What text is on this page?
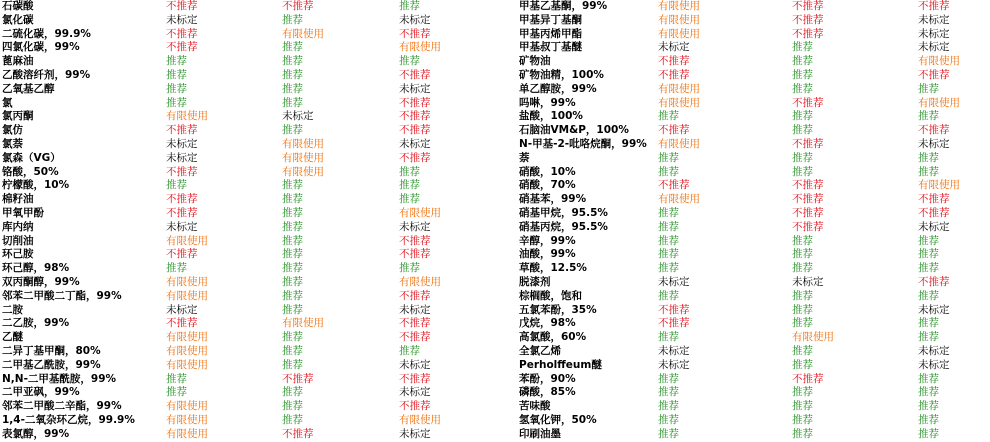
石碳酸
氯化碳
二硫化碳，99.9%
四氯化碳，99%
蓖麻油
乙酸溶纤剂，99%
乙氧基乙醇
氯
氯丙酮
氯仿
氯萘
氯森（VG）
铬酸，50%
柠檬酸，10%
棉籽油
甲氧甲酚
库内纳
切削油
环己胺
环己醇，98%
双丙酮醇，99%
邻苯二甲酸二丁酯，99%
二胺
二乙胺，99%
乙醚
二异丁基甲酮，80%
二甲基乙酰胺，99%
N,N-二甲基酰胺，99%
二甲亚砜，99%
邻苯二甲酸二辛酯，99%
1,4-二氧杂环乙烷，99.9%
表氯醇，99%
不推荐
未标定
不推荐
不推荐
推荐
推荐
推荐
推荐
有限使用
不推荐
未标定
未标定
不推荐
推荐
不推荐
不推荐
未标定
有限使用
不推荐
推荐
有限使用
有限使用
未标定
不推荐
有限使用
有限使用
有限使用
推荐
推荐
有限使用
有限使用
有限使用
不推荐
推荐
有限使用
推荐
推荐
推荐
推荐
推荐
未标定
推荐
有限使用
有限使用
有限使用
推荐
推荐
推荐
推荐
推荐
推荐
推荐
推荐
推荐
推荐
有限使用
推荐
推荐
推荐
不推荐
推荐
推荐
推荐
不推荐
推荐
未标定
不推荐
有限使用
推荐
不推荐
未标定
不推荐
不推荐
不推荐
未标定
不推荐
推荐
推荐
推荐
有限使用
未标定
不推荐
不推荐
推荐
有限使用
不推荐
未标定
不推荐
不推荐
推荐
未标定
不推荐
未标定
不推荐
有限使用
未标定
甲基乙基酮，99%
甲基异丁基酮
甲基丙烯甲酯
甲基叔丁基醚
矿物油
矿物油精，100%
单乙醇胺，99%
吗啉，99%
盐酸，100%
石脑油VM&P，100%
N-甲基-2-吡咯烷酮，99%
萘
硝酸，10%
硝酸，70%
硝基苯，99%
硝基甲烷，95.5%
硝基丙烷，95.5%
辛醇，99%
油酸，99%
草酸，12.5%
脱漆剂
棕榈酸，饱和
五氯苯酚，35%
戊烷，98%
高氯酸，60%
全氯乙烯
Perholffeum醚
苯酚，90%
磷酸，85%
苦味酸
氢氧化钾，50%
印刷油墨
有限使用
有限使用
有限使用
未标定
不推荐
不推荐
有限使用
有限使用
推荐
不推荐
有限使用
推荐
推荐
不推荐
有限使用
推荐
推荐
推荐
推荐
推荐
未标定
推荐
不推荐
不推荐
推荐
未标定
未标定
推荐
推荐
推荐
推荐
推荐
不推荐
不推荐
不推荐
推荐
推荐
推荐
推荐
不推荐
推荐
推荐
不推荐
推荐
推荐
不推荐
不推荐
不推荐
不推荐
推荐
推荐
推荐
未标定
推荐
推荐
推荐
有限使用
推荐
推荐
不推荐
推荐
推荐
推荐
推荐
不推荐
未标定
未标定
未标定
有限使用
不推荐
推荐
有限使用
推荐
不推荐
未标定
推荐
推荐
有限使用
不推荐
不推荐
未标定
推荐
推荐
推荐
不推荐
推荐
未标定
推荐
推荐
未标定
未标定
推荐
推荐
推荐
推荐
推荐
